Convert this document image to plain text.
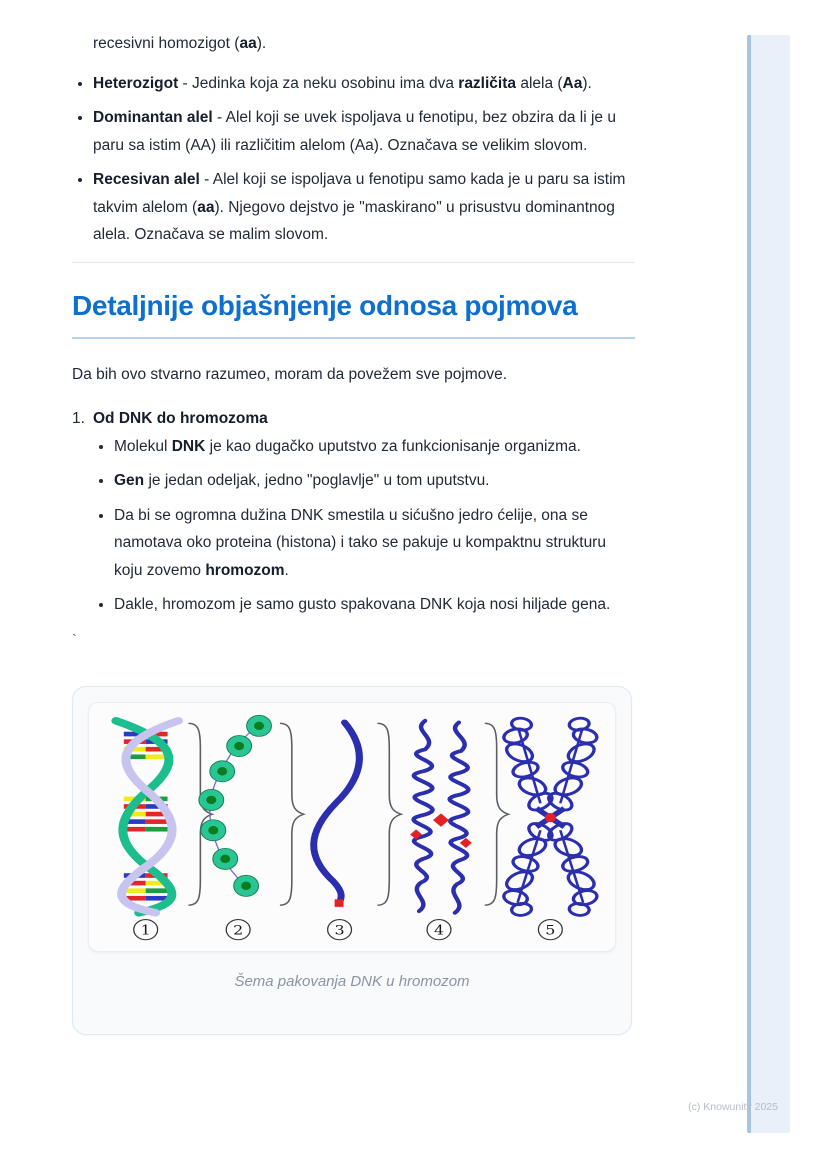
recesivni homozigot (aa).

• Heterozigot - Jedinka koja za neku osobinu ima dva različita alela (Aa).
• Dominantan alel - Alel koji se uvek ispoljava u fenotipu, bez obzira da li je u paru sa istim (AA) ili različitim alelom (Aa). Označava se velikim slovom.
• Recesivan alel - Alel koji se ispoljava u fenotipu samo kada je u paru sa istim takvim alelom (aa). Njegovo dejstvo je "maskirano" u prisustvu dominantnog alela. Označava se malim slovom.
Detaljnije objašnjenje odnosa pojmova

Da bih ovo stvarno razumeo, moram da povežem sve pojmove.

1. Od DNK do hromozoma
• Molekul DNK je kao dugačko uputstvo za funkcionisanje organizma.
• Gen je jedan odeljak, jedno "poglavlje" u tom uputstvu.
• Da bi se ogromna dužina DNK smestila u sićušno jedro ćelije, ona se namotava oko proteina (histona) i tako se pakuje u kompaktnu strukturu koju zovemo hromozom.
• Dakle, hromozom je samo gusto spakovana DNK koja nosi hiljade gena.
`
1	2	3	4	5
Šema pakovanja DNK u hromozom
(c) Knowunity 2025
